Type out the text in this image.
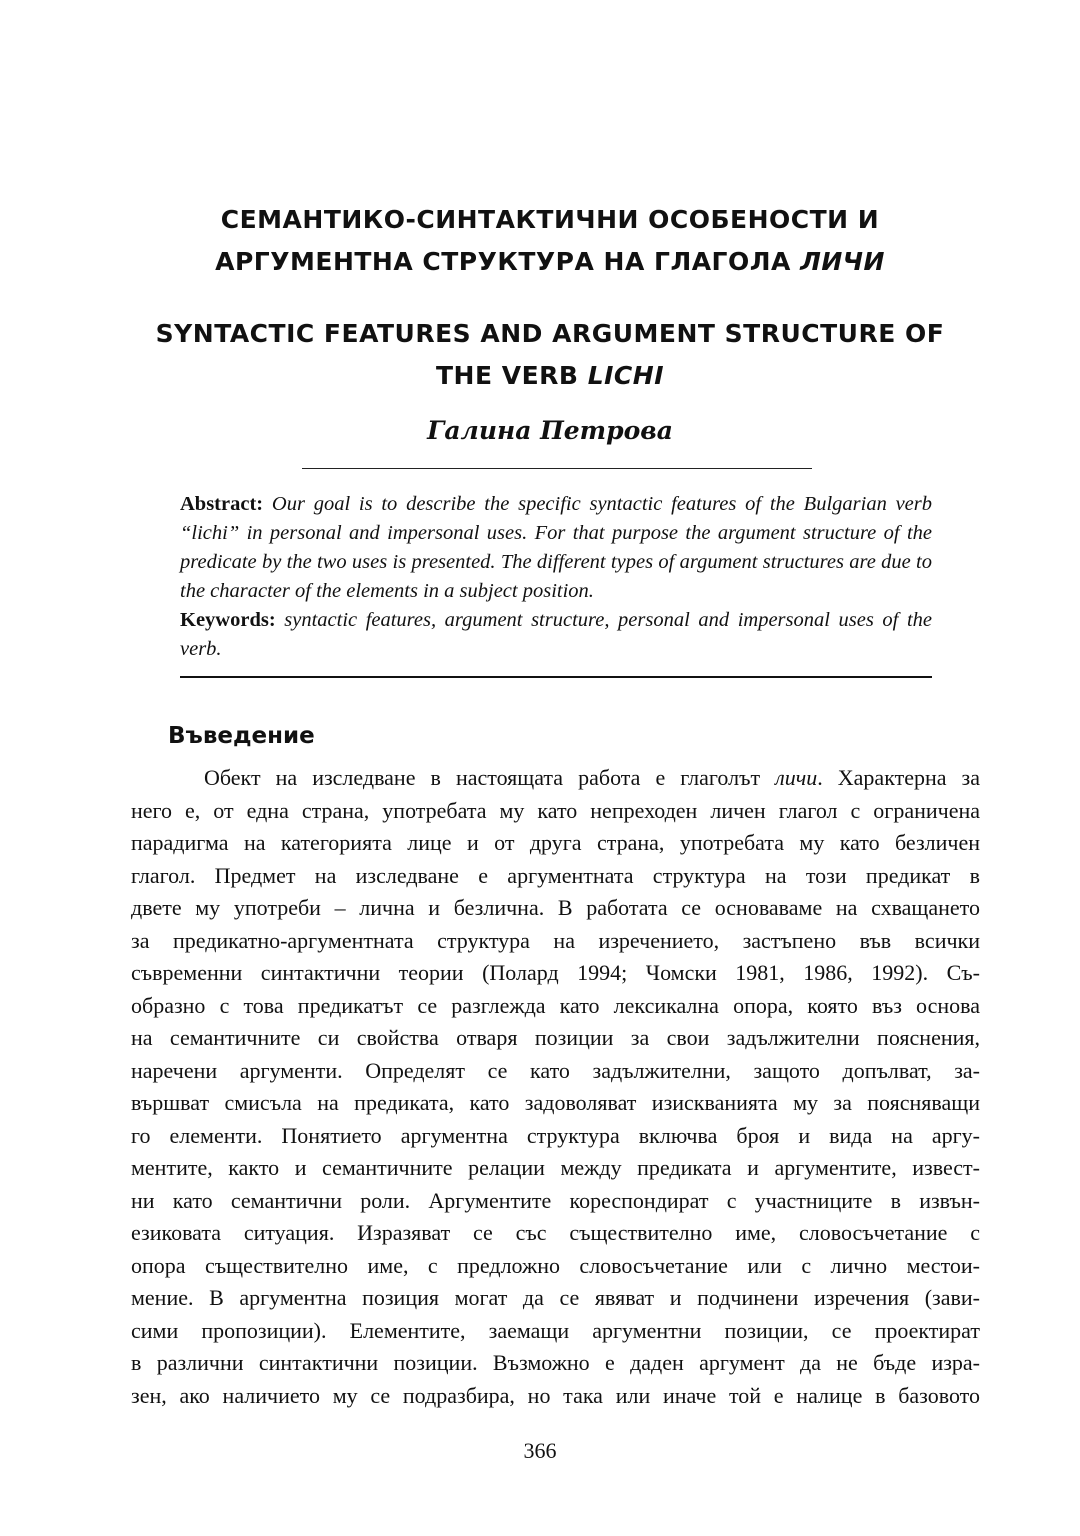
СЕМАНТИКО-СИНТАКТИЧНИ ОСОБЕНОСТИ И
АРГУМЕНТНА СТРУКТУРА НА ГЛАГОЛА ЛИЧИ
SYNTACTIC FEATURES AND ARGUMENT STRUCTURE OF
THE VERB LICHI
Галина Петрова

Abstract: Our goal is to describe the specific syntactic features of the Bulgarian verb “lichi” in personal and impersonal uses. For that purpose the argument structure of the predicate by the two uses is presented. The different types of argument structures are due to the character of the elements in a subject position.

Keywords: syntactic features, argument structure, personal and impersonal uses of the verb.

Въведение
Обект на изследване в настоящата работа е глаголът личи. Характерна за
него е, от една страна, употребата му като непреходен личен глагол с ограничена
парадигма на категорията лице и от друга страна, употребата му като безличен
глагол. Предмет на изследване е аргументната структура на този предикат в
двете му употреби – лична и безлична. В работата се основаваме на схващането
за предикатно-аргументната структура на изречението, застъпено във всички
съвременни синтактични теории (Полард 1994; Чомски 1981, 1986, 1992). Съ-
образно с това предикатът се разглежда като лексикална опора, която въз основа
на семантичните си свойства отваря позиции за свои задължителни пояснения,
наречени аргументи. Определят се като задължителни, защото допълват, за-
вършват смисъла на предиката, като задоволяват изискванията му за поясняващи
го елементи. Понятието аргументна структура включва броя и вида на аргу-
ментите, както и семантичните релации между предиката и аргументите, извест-
ни като семантични роли. Аргументите кореспондират с участниците в извън-
езиковата ситуация. Изразяват се със съществително име, словосъчетание с
опора съществително име, с предложно словосъчетание или с лично местои-
мение. В аргументна позиция могат да се явяват и подчинени изречения (зави-
сими пропозиции). Елементите, заемащи аргументни позиции, се проектират
в различни синтактични позиции. Възможно е даден аргумент да не бъде изра-
зен, ако наличието му се подразбира, но така или иначе той е налице в базовото
366
